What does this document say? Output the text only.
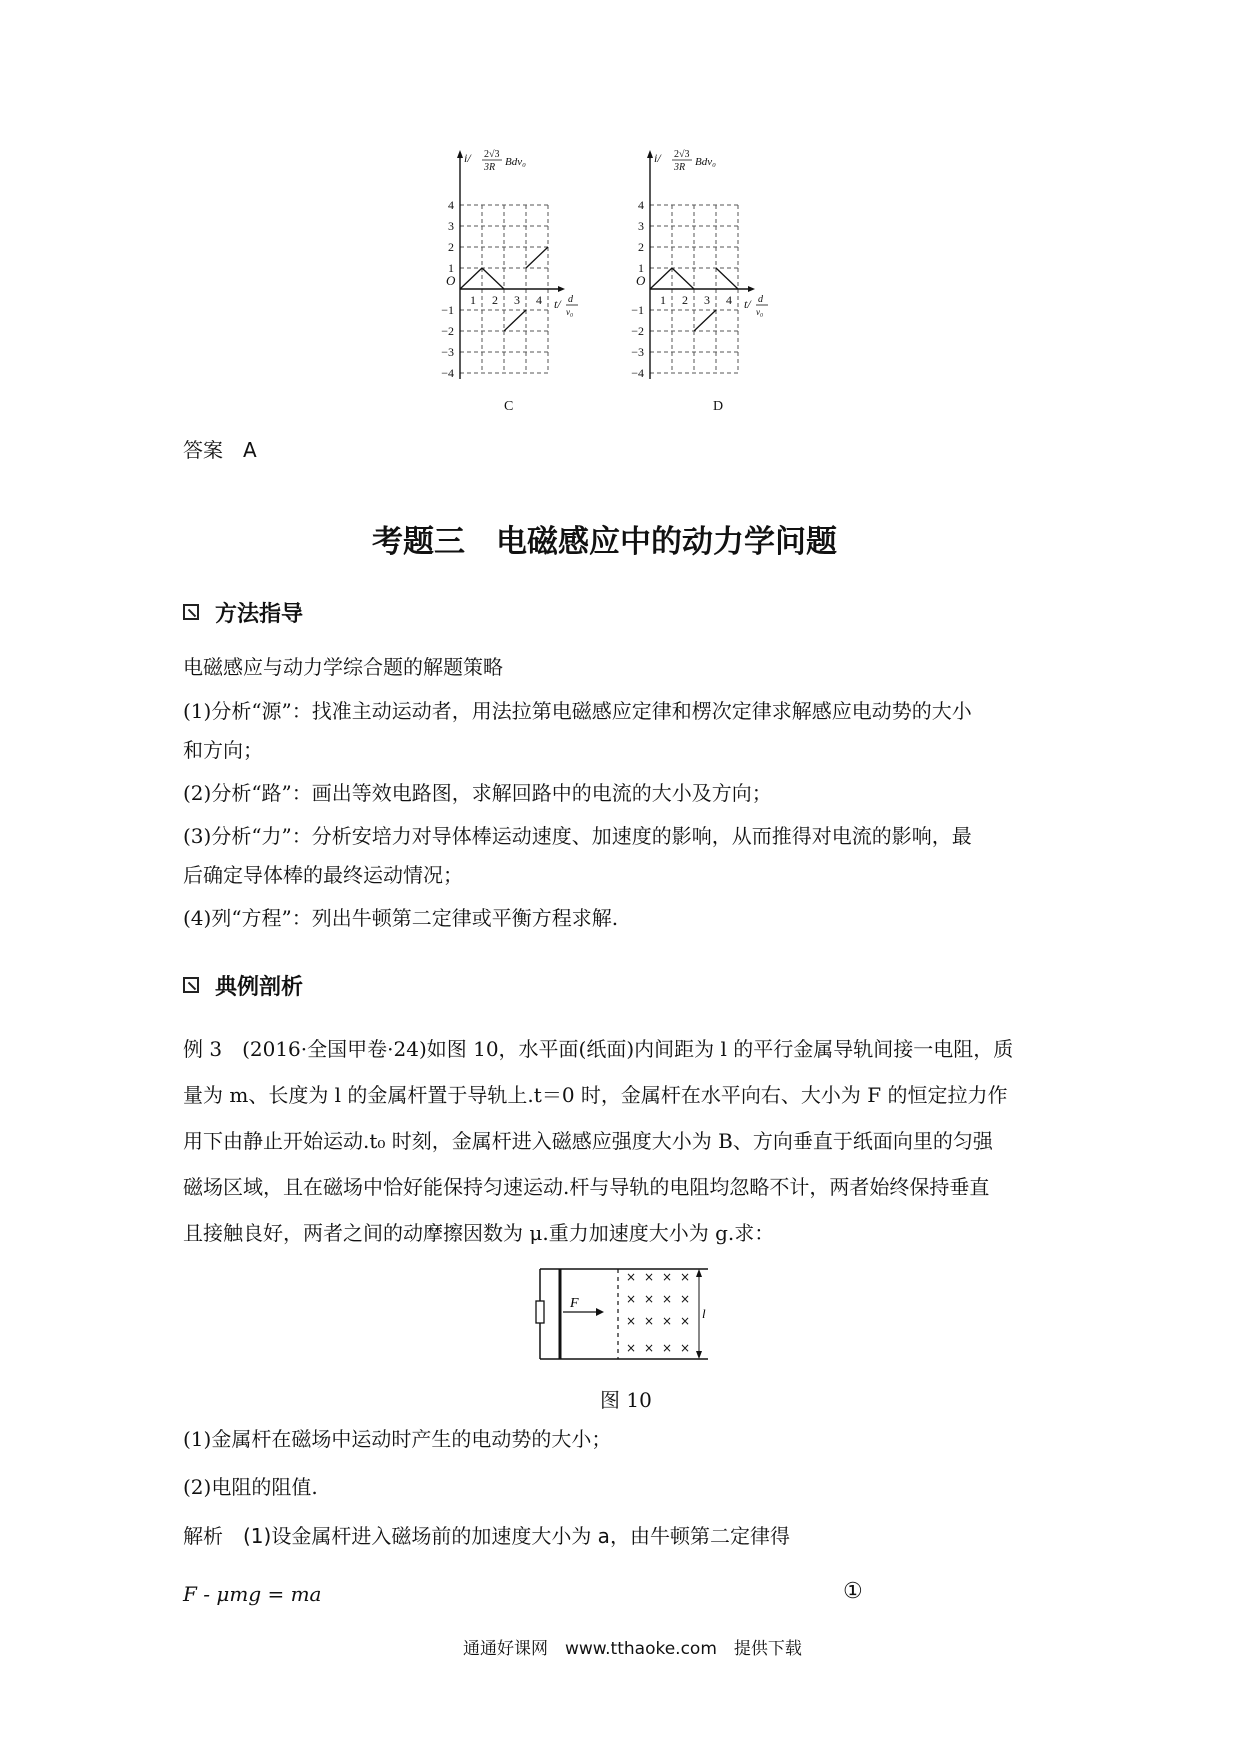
4
3
2
1
−1
−2
−3
−4
1 2 3 4
O
i/ 2√3
3R Bdv₀
t/ d
v₀
4
3
2
1
−1
−2
−3
−4
1 2 3 4
O
i/ 2√3
3R Bdv₀
t/ d
v₀
C	D
答案　A
考题三　电磁感应中的动力学问题
方法指导
电磁感应与动力学综合题的解题策略
(1)分析“源”：找准主动运动者，用法拉第电磁感应定律和楞次定律求解感应电动势的大小
和方向；
(2)分析“路”：画出等效电路图，求解回路中的电流的大小及方向；
(3)分析“力”：分析安培力对导体棒运动速度、加速度的影响，从而推得对电流的影响，最
后确定导体棒的最终运动情况；
(4)列“方程”：列出牛顿第二定律或平衡方程求解.
典例剖析
例 3　(2016·全国甲卷·24)如图 10，水平面(纸面)内间距为 l 的平行金属导轨间接一电阻，质
量为 m、长度为 l 的金属杆置于导轨上.t＝0 时，金属杆在水平向右、大小为 F 的恒定拉力作
用下由静止开始运动.t₀ 时刻，金属杆进入磁感应强度大小为 B、方向垂直于纸面向里的匀强
磁场区域，且在磁场中恰好能保持匀速运动.杆与导轨的电阻均忽略不计，两者始终保持垂直
且接触良好，两者之间的动摩擦因数为 μ.重力加速度大小为 g.求：
F
× × × ×
× × × ×
× × × ×
× × × ×
l
图 10
(1)金属杆在磁场中运动时产生的电动势的大小；
(2)电阻的阻值.
解析　(1)设金属杆进入磁场前的加速度大小为 a，由牛顿第二定律得
F - μmg = ma	①
通通好课网　www.tthaoke.com　提供下载
